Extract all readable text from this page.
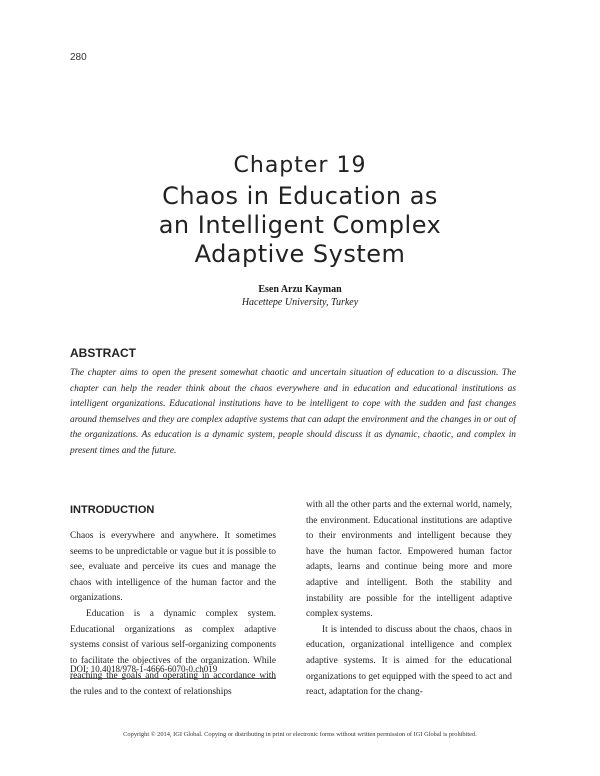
280
Chapter 19
Chaos in Education as
an Intelligent Complex
Adaptive System
Esen Arzu Kayman
Hacettepe University, Turkey
ABSTRACT
The chapter aims to open the present somewhat chaotic and uncertain situation of education to a discussion. The chapter can help the reader think about the chaos everywhere and in education and educational institutions as intelligent organizations. Educational institutions have to be intelligent to cope with the sudden and fast changes around themselves and they are complex adaptive systems that can adapt the environment and the changes in or out of the organizations. As education is a dynamic system, people should discuss it as dynamic, chaotic, and complex in present times and the future.
INTRODUCTION

Chaos is everywhere and anywhere. It sometimes seems to be unpredictable or vague but it is possible to see, evaluate and perceive its cues and manage the chaos with intelligence of the human factor and the organizations.

Education is a dynamic complex system. Educational organizations as complex adaptive systems consist of various self-organizing components to facilitate the objectives of the organization. While reaching the goals and operating in accordance with the rules and to the context of relationships

with all the other parts and the external world, namely, the environment. Educational institutions are adaptive to their environments and intelligent because they have the human factor. Empowered human factor adapts, learns and continue being more and more adaptive and intelligent. Both the stability and instability are possible for the intelligent adaptive complex systems.

It is intended to discuss about the chaos, chaos in education, organizational intelligence and complex adaptive systems. It is aimed for the educational organizations to get equipped with the speed to act and react, adaptation for the chang-

DOI: 10.4018/978-1-4666-6070-0.ch019
Copyright © 2014, IGI Global. Copying or distributing in print or electronic forms without written permission of IGI Global is prohibited.
